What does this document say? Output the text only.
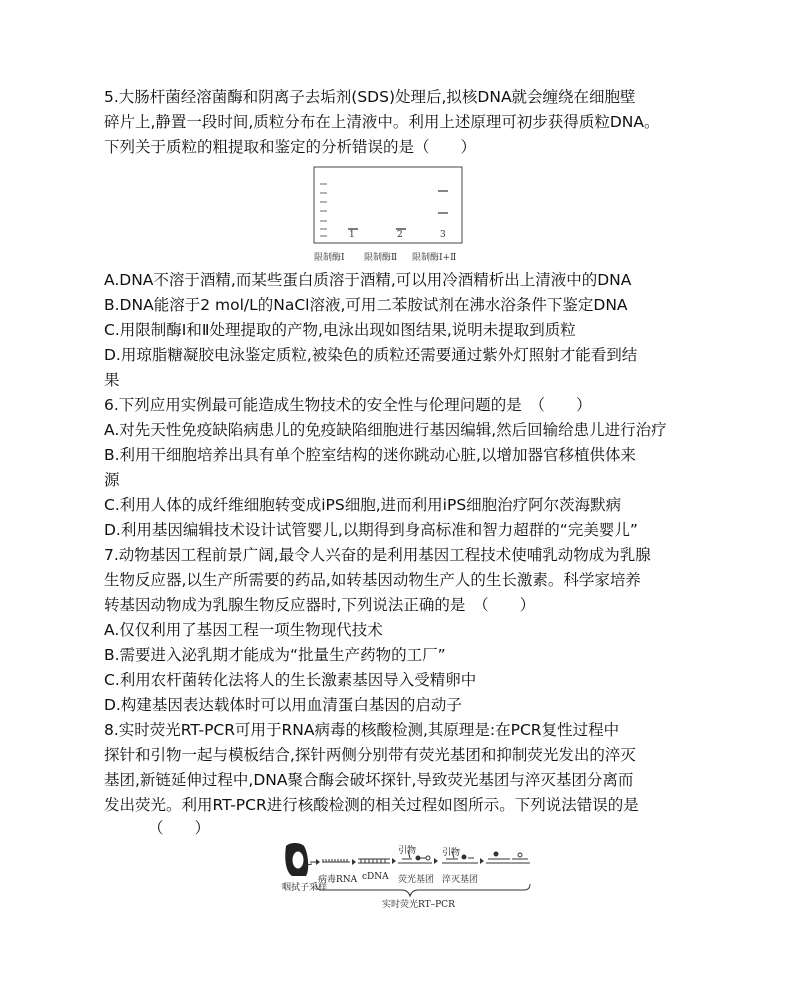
5.大肠杆菌经溶菌酶和阴离子去垢剂(SDS)处理后,拟核DNA就会缠绕在细胞壁
碎片上,静置一段时间,质粒分布在上清液中。利用上述原理可初步获得质粒DNA。
下列关于质粒的粗提取和鉴定的分析错误的是（　　）
1	2	3
限制酶Ⅰ 限制酶Ⅱ 限制酶Ⅰ+Ⅱ
A.DNA不溶于酒精,而某些蛋白质溶于酒精,可以用冷酒精析出上清液中的DNA
B.DNA能溶于2 mol/L的NaCl溶液,可用二苯胺试剂在沸水浴条件下鉴定DNA
C.用限制酶Ⅰ和Ⅱ处理提取的产物,电泳出现如图结果,说明未提取到质粒
D.用琼脂糖凝胶电泳鉴定质粒,被染色的质粒还需要通过紫外灯照射才能看到结
果
6.下列应用实例最可能造成生物技术的安全性与伦理问题的是　（　　）
A.对先天性免疫缺陷病患儿的免疫缺陷细胞进行基因编辑,然后回输给患儿进行治疗
B.利用干细胞培养出具有单个腔室结构的迷你跳动心脏,以增加器官移植供体来
源
C.利用人体的成纤维细胞转变成iPS细胞,进而利用iPS细胞治疗阿尔茨海默病
D.利用基因编辑技术设计试管婴儿,以期得到身高标准和智力超群的“完美婴儿”
7.动物基因工程前景广阔,最令人兴奋的是利用基因工程技术使哺乳动物成为乳腺
生物反应器,以生产所需要的药品,如转基因动物生产人的生长激素。科学家培养
转基因动物成为乳腺生物反应器时,下列说法正确的是　（　　）
A.仅仅利用了基因工程一项生物现代技术
B.需要进入泌乳期才能成为“批量生产药物的工厂”
C.利用农杆菌转化法将人的生长激素基因导入受精卵中
D.构建基因表达载体时可以用血清蛋白基因的启动子
8.实时荧光RT-PCR可用于RNA病毒的核酸检测,其原理是:在PCR复性过程中
探针和引物一起与模板结合,探针两侧分别带有荧光基团和抑制荧光发出的淬灭
基团,新链延伸过程中,DNA聚合酶会破坏探针,导致荧光基团与淬灭基团分离而
发出荧光。利用RT-PCR进行核酸检测的相关过程如图所示。下列说法错误的是
（　　）
咽拭子采样
病毒RNA cDNA
引物	引物
荧光基团 淬灭基团
实时荧光RT–PCR
